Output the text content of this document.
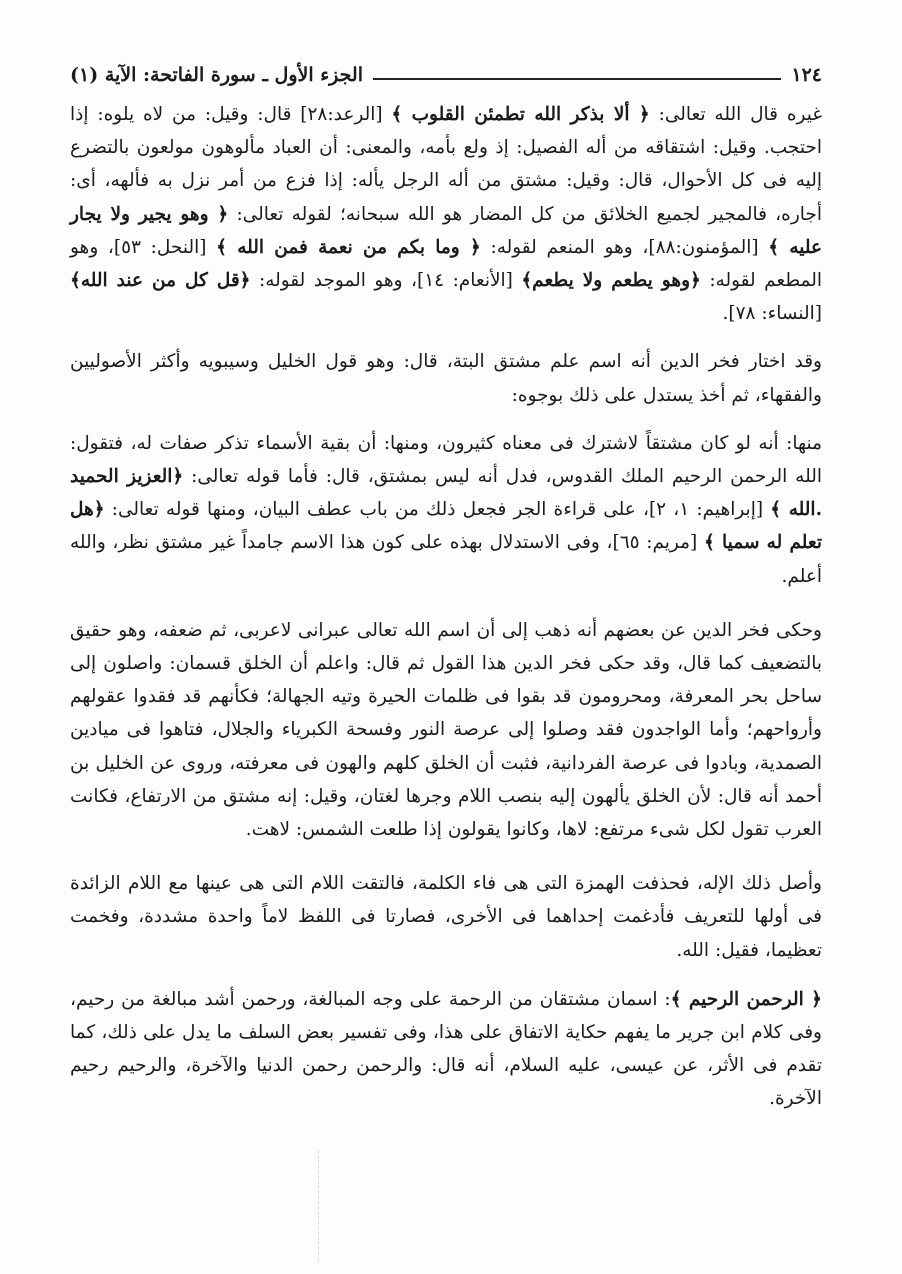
١٢٤
الجزء الأول ـ سورة الفاتحة: الآية (١)

غيره قال الله تعالى: ﴿ ألا بذكر الله تطمئن القلوب ﴾ [الرعد:٢٨] قال: وقيل: من لاه يلوه: إذا احتجب. وقيل: اشتقاقه من أله الفصيل: إذ ولع بأمه، والمعنى: أن العباد مألوهون مولعون بالتضرع إليه فى كل الأحوال، قال: وقيل: مشتق من أله الرجل يأله: إذا فزع من أمر نزل به فألهه، أى: أجاره، فالمجير لجميع الخلائق من كل المضار هو الله سبحانه؛ لقوله تعالى: ﴿ وهو يجير ولا يجار عليه ﴾ [المؤمنون:٨٨]، وهو المنعم لقوله: ﴿ وما بكم من نعمة فمن الله ﴾ [النحل: ٥٣]، وهو المطعم لقوله: ﴿وهو يطعم ولا يطعم﴾ [الأنعام: ١٤]، وهو الموجد لقوله: ﴿قل كل من عند الله﴾ [النساء: ٧٨].

وقد اختار فخر الدين أنه اسم علم مشتق البتة، قال: وهو قول الخليل وسيبويه وأكثر الأصوليين والفقهاء، ثم أخذ يستدل على ذلك بوجوه:

منها: أنه لو كان مشتقاً لاشترك فى معناه كثيرون، ومنها: أن بقية الأسماء تذكر صفات له، فتقول: الله الرحمن الرحيم الملك القدوس، فدل أنه ليس بمشتق، قال: فأما قوله تعالى: ﴿العزيز الحميد .الله ﴾ [إبراهيم: ١، ٢]، على قراءة الجر فجعل ذلك من باب عطف البيان، ومنها قوله تعالى: ﴿هل تعلم له سميا ﴾ [مريم: ٦٥]، وفى الاستدلال بهذه على كون هذا الاسم جامداً غير مشتق نظر، والله أعلم.

وحكى فخر الدين عن بعضهم أنه ذهب إلى أن اسم الله تعالى عبرانى لاعربى، ثم ضعفه، وهو حقيق بالتضعيف كما قال، وقد حكى فخر الدين هذا القول ثم قال: واعلم أن الخلق قسمان: واصلون إلى ساحل بحر المعرفة، ومحرومون قد بقوا فى ظلمات الحيرة وتيه الجهالة؛ فكأنهم قد فقدوا عقولهم وأرواحهم؛ وأما الواجدون فقد وصلوا إلى عرصة النور وفسحة الكبرياء والجلال، فتاهوا فى ميادين الصمدية، وبادوا فى عرصة الفردانية، فثبت أن الخلق كلهم والهون فى معرفته، وروى عن الخليل بن أحمد أنه قال: لأن الخلق يألهون إليه بنصب اللام وجرها لغتان، وقيل: إنه مشتق من الارتفاع، فكانت العرب تقول لكل شىء مرتفع: لاها، وكانوا يقولون إذا طلعت الشمس: لاهت.

وأصل ذلك الإله، فحذفت الهمزة التى هى فاء الكلمة، فالتقت اللام التى هى عينها مع اللام الزائدة فى أولها للتعريف فأدغمت إحداهما فى الأخرى، فصارتا فى اللفظ لاماً واحدة مشددة، وفخمت تعظيما، فقيل: الله.

﴿ الرحمن الرحيم ﴾: اسمان مشتقان من الرحمة على وجه المبالغة، ورحمن أشد مبالغة من رحيم، وفى كلام ابن جرير ما يفهم حكاية الاتفاق على هذا، وفى تفسير بعض السلف ما يدل على ذلك، كما تقدم فى الأثر، عن عيسى، عليه السلام، أنه قال: والرحمن رحمن الدنيا والآخرة، والرحيم رحيم الآخرة.
